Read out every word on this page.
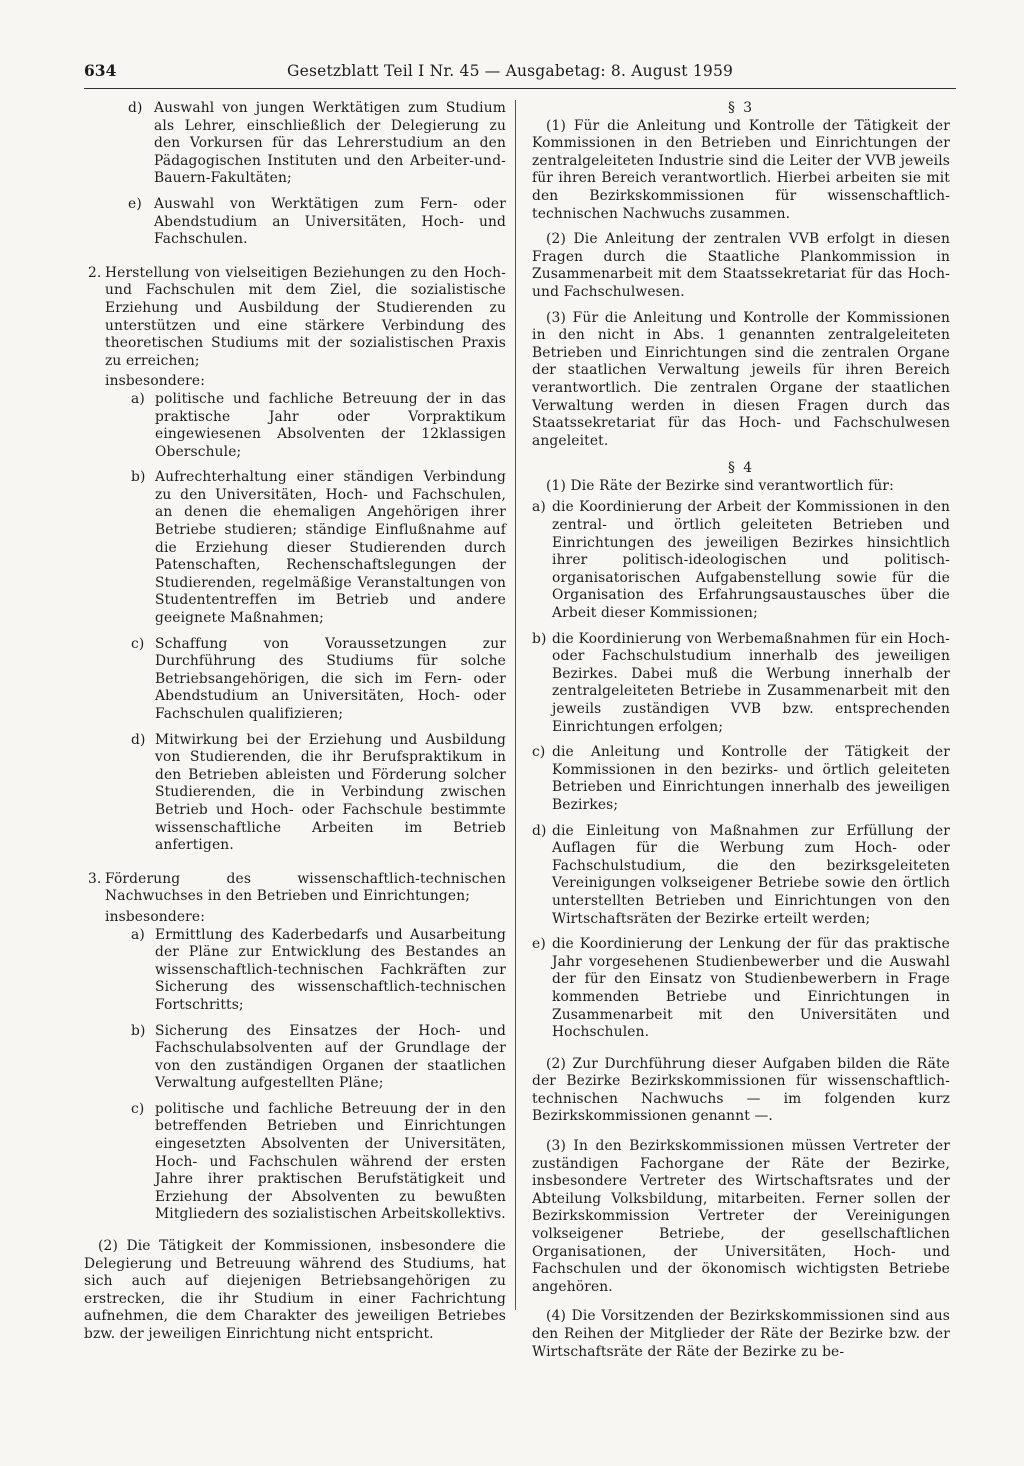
634	Gesetzblatt Teil I Nr. 45 — Ausgabetag: 8. August 1959
d) Auswahl von jungen Werktätigen zum Studium als Lehrer, einschließlich der Delegierung zu den Vorkursen für das Lehrerstudium an den Pädagogischen Instituten und den Arbeiter-und-Bauern-Fakultäten;
e) Auswahl von Werktätigen zum Fern- oder Abendstudium an Universitäten, Hoch- und Fachschulen.
2. Herstellung von vielseitigen Beziehungen zu den Hoch- und Fachschulen mit dem Ziel, die sozialistische Erziehung und Ausbildung der Studierenden zu unterstützen und eine stärkere Verbindung des theoretischen Studiums mit der sozialistischen Praxis zu erreichen;

insbesondere:

a) politische und fachliche Betreuung der in das praktische Jahr oder Vorpraktikum eingewiesenen Absolventen der 12klassigen Oberschule;
b) Aufrechterhaltung einer ständigen Verbindung zu den Universitäten, Hoch- und Fachschulen, an denen die ehemaligen Angehörigen ihrer Betriebe studieren; ständige Einflußnahme auf die Erziehung dieser Studierenden durch Patenschaften, Rechenschaftslegungen der Studierenden, regelmäßige Veranstaltungen von Studententreffen im Betrieb und andere geeignete Maßnahmen;
c) Schaffung von Voraussetzungen zur Durchführung des Studiums für solche Betriebsangehörigen, die sich im Fern- oder Abendstudium an Universitäten, Hoch- oder Fachschulen qualifizieren;
d) Mitwirkung bei der Erziehung und Ausbildung von Studierenden, die ihr Berufspraktikum in den Betrieben ableisten und Förderung solcher Studierenden, die in Verbindung zwischen Betrieb und Hoch- oder Fachschule bestimmte wissenschaftliche Arbeiten im Betrieb anfertigen.
3. Förderung des wissenschaftlich-technischen Nachwuchses in den Betrieben und Einrichtungen;

insbesondere:

a) Ermittlung des Kaderbedarfs und Ausarbeitung der Pläne zur Entwicklung des Bestandes an wissenschaftlich-technischen Fachkräften zur Sicherung des wissenschaftlich-technischen Fortschritts;
b) Sicherung des Einsatzes der Hoch- und Fachschulabsolventen auf der Grundlage der von den zuständigen Organen der staatlichen Verwaltung aufgestellten Pläne;
c) politische und fachliche Betreuung der in den betreffenden Betrieben und Einrichtungen eingesetzten Absolventen der Universitäten, Hoch- und Fachschulen während der ersten Jahre ihrer praktischen Berufstätigkeit und Erziehung der Absolventen zu bewußten Mitgliedern des sozialistischen Arbeitskollektivs.

(2) Die Tätigkeit der Kommissionen, insbesondere die Delegierung und Betreuung während des Studiums, hat sich auch auf diejenigen Betriebsangehörigen zu erstrecken, die ihr Studium in einer Fachrichtung aufnehmen, die dem Charakter des jeweiligen Betriebes bzw. der jeweiligen Einrichtung nicht entspricht.

§ 3

(1) Für die Anleitung und Kontrolle der Tätigkeit der Kommissionen in den Betrieben und Einrichtungen der zentralgeleiteten Industrie sind die Leiter der VVB jeweils für ihren Bereich verantwortlich. Hierbei arbeiten sie mit den Bezirkskommissionen für wissenschaftlich-technischen Nachwuchs zusammen.

(2) Die Anleitung der zentralen VVB erfolgt in diesen Fragen durch die Staatliche Plankommission in Zusammenarbeit mit dem Staatssekretariat für das Hoch- und Fachschulwesen.

(3) Für die Anleitung und Kontrolle der Kommissionen in den nicht in Abs. 1 genannten zentralgeleiteten Betrieben und Einrichtungen sind die zentralen Organe der staatlichen Verwaltung jeweils für ihren Bereich verantwortlich. Die zentralen Organe der staatlichen Verwaltung werden in diesen Fragen durch das Staatssekretariat für das Hoch- und Fachschulwesen angeleitet.

§ 4

(1) Die Räte der Bezirke sind verantwortlich für:

a) die Koordinierung der Arbeit der Kommissionen in den zentral- und örtlich geleiteten Betrieben und Einrichtungen des jeweiligen Bezirkes hinsichtlich ihrer politisch-ideologischen und politisch-organisatorischen Aufgabenstellung sowie für die Organisation des Erfahrungsaustausches über die Arbeit dieser Kommissionen;
b) die Koordinierung von Werbemaßnahmen für ein Hoch- oder Fachschulstudium innerhalb des jeweiligen Bezirkes. Dabei muß die Werbung innerhalb der zentralgeleiteten Betriebe in Zusammenarbeit mit den jeweils zuständigen VVB bzw. entsprechenden Einrichtungen erfolgen;
c) die Anleitung und Kontrolle der Tätigkeit der Kommissionen in den bezirks- und örtlich geleiteten Betrieben und Einrichtungen innerhalb des jeweiligen Bezirkes;
d) die Einleitung von Maßnahmen zur Erfüllung der Auflagen für die Werbung zum Hoch- oder Fachschulstudium, die den bezirksgeleiteten Vereinigungen volkseigener Betriebe sowie den örtlich unterstellten Betrieben und Einrichtungen von den Wirtschaftsräten der Bezirke erteilt werden;
e) die Koordinierung der Lenkung der für das praktische Jahr vorgesehenen Studienbewerber und die Auswahl der für den Einsatz von Studienbewerbern in Frage kommenden Betriebe und Einrichtungen in Zusammenarbeit mit den Universitäten und Hochschulen.

(2) Zur Durchführung dieser Aufgaben bilden die Räte der Bezirke Bezirkskommissionen für wissenschaftlich-technischen Nachwuchs — im folgenden kurz Bezirkskommissionen genannt —.

(3) In den Bezirkskommissionen müssen Vertreter der zuständigen Fachorgane der Räte der Bezirke, insbesondere Vertreter des Wirtschaftsrates und der Abteilung Volksbildung, mitarbeiten. Ferner sollen der Bezirkskommission Vertreter der Vereinigungen volkseigener Betriebe, der gesellschaftlichen Organisationen, der Universitäten, Hoch- und Fachschulen und der ökonomisch wichtigsten Betriebe angehören.

(4) Die Vorsitzenden der Bezirkskommissionen sind aus den Reihen der Mitglieder der Räte der Bezirke bzw. der Wirtschaftsräte der Räte der Bezirke zu be-
